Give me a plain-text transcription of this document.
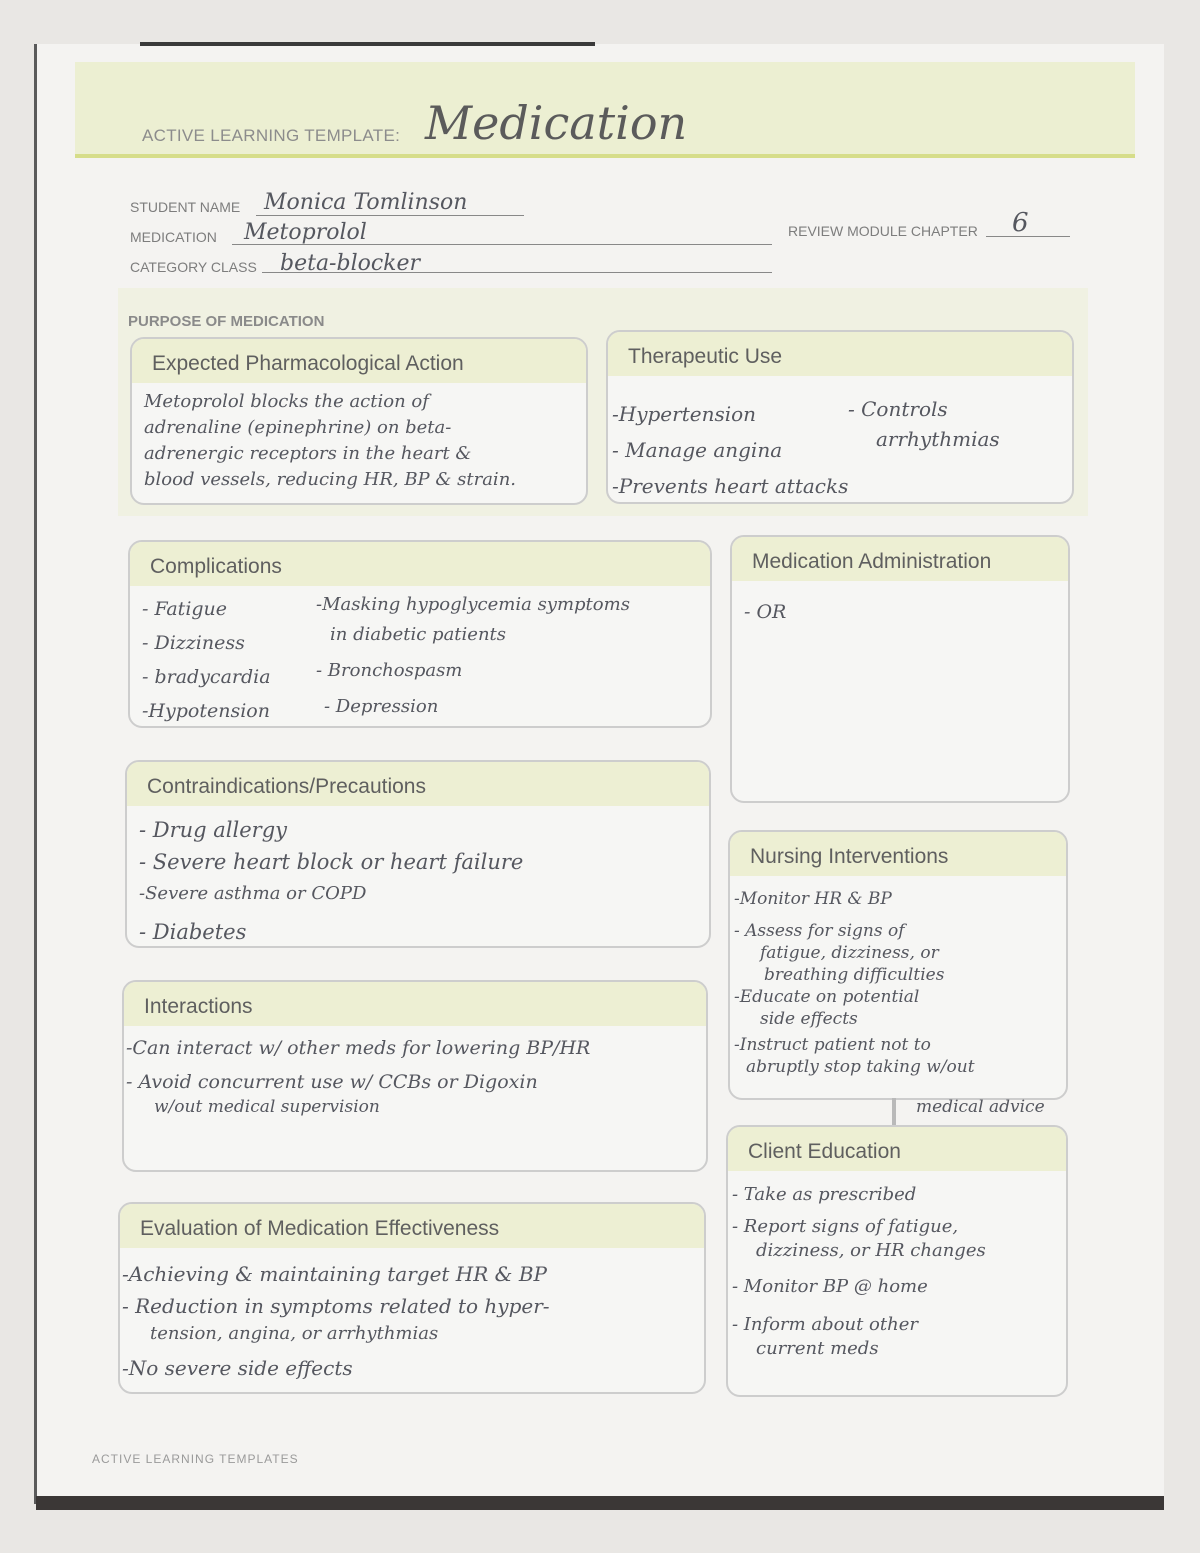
ACTIVE LEARNING TEMPLATE: Medication
STUDENT NAME Monica Tomlinson
MEDICATION Metoprolol
CATEGORY CLASS beta-blocker
REVIEW MODULE CHAPTER 6
PURPOSE OF MEDICATION
Expected Pharmacological Action
Metoprolol blocks the action of
adrenaline (epinephrine) on beta-
adrenergic receptors in the heart &
blood vessels, reducing HR, BP & strain.
Therapeutic Use
-Hypertension
- Manage angina
-Prevents heart attacks
- Controls
arrhythmias
Complications
- Fatigue
- Dizziness
- bradycardia
-Hypotension
-Masking hypoglycemia symptoms
in diabetic patients
- Bronchospasm
- Depression
Medication Administration
- OR
Contraindications/Precautions
- Drug allergy
- Severe heart block or heart failure
-Severe asthma or COPD
- Diabetes
Nursing Interventions
-Monitor HR & BP
- Assess for signs of
fatigue, dizziness, or
breathing difficulties
-Educate on potential
side effects
-Instruct patient not to
abruptly stop taking w/out
medical advice
Interactions
-Can interact w/ other meds for lowering BP/HR
- Avoid concurrent use w/ CCBs or Digoxin
w/out medical supervision
Client Education
- Take as prescribed
- Report signs of fatigue,
dizziness, or HR changes
- Monitor BP @ home
- Inform about other
current meds
Evaluation of Medication Effectiveness
-Achieving & maintaining target HR & BP
- Reduction in symptoms related to hyper-
tension, angina, or arrhythmias
-No severe side effects
ACTIVE LEARNING TEMPLATES
